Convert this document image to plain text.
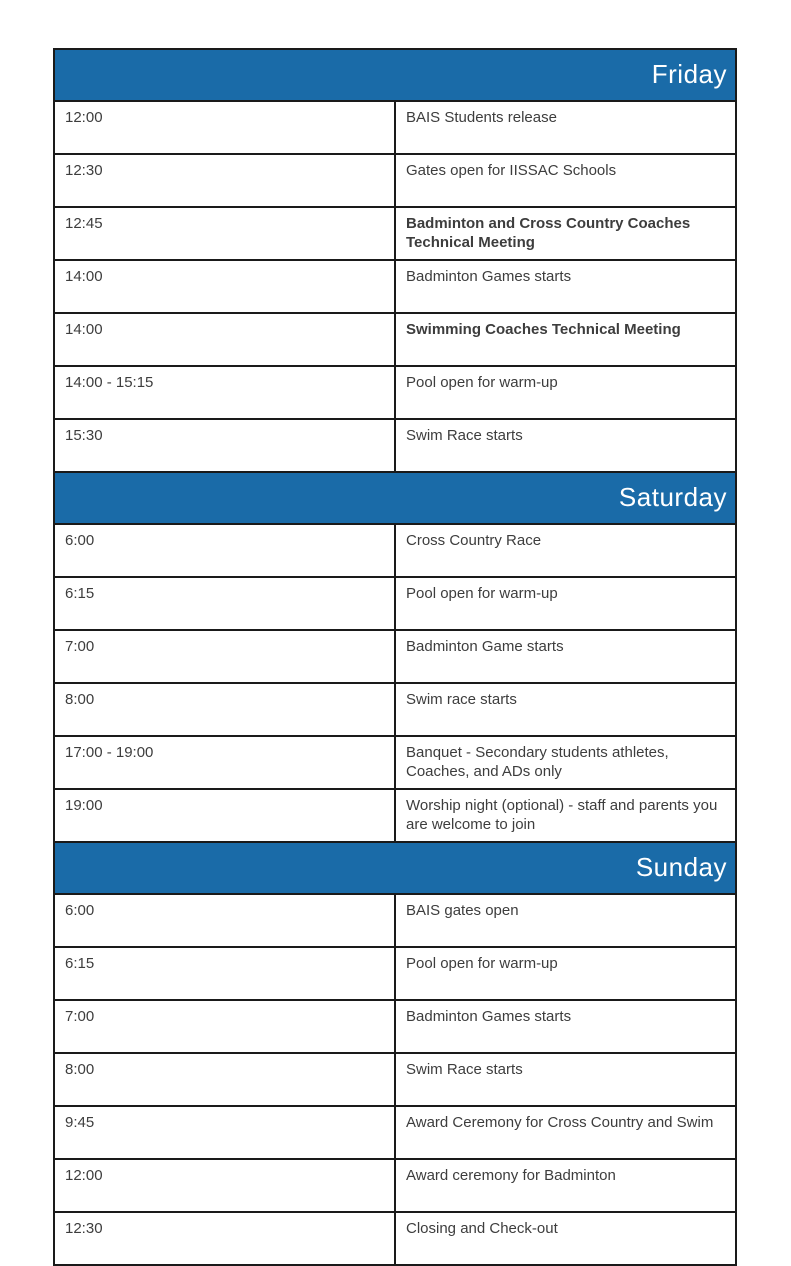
Friday	
12:00	BAIS Students release
12:30	Gates open for IISSAC Schools
12:45	Badminton and Cross Country Coaches Technical Meeting
14:00	Badminton Games starts
14:00	Swimming Coaches Technical Meeting
14:00 - 15:15	Pool open for warm-up
15:30	Swim Race starts
Saturday	
6:00	Cross Country Race
6:15	Pool open for warm-up
7:00	Badminton Game starts
8:00	Swim race starts
17:00 - 19:00	Banquet - Secondary students athletes, Coaches, and ADs only
19:00	Worship night (optional) - staff and parents you are welcome to join
Sunday	
6:00	BAIS gates open
6:15	Pool open for warm-up
7:00	Badminton Games starts
8:00	Swim Race starts
9:45	Award Ceremony for Cross Country and Swim
12:00	Award ceremony for Badminton
12:30	Closing and Check-out
